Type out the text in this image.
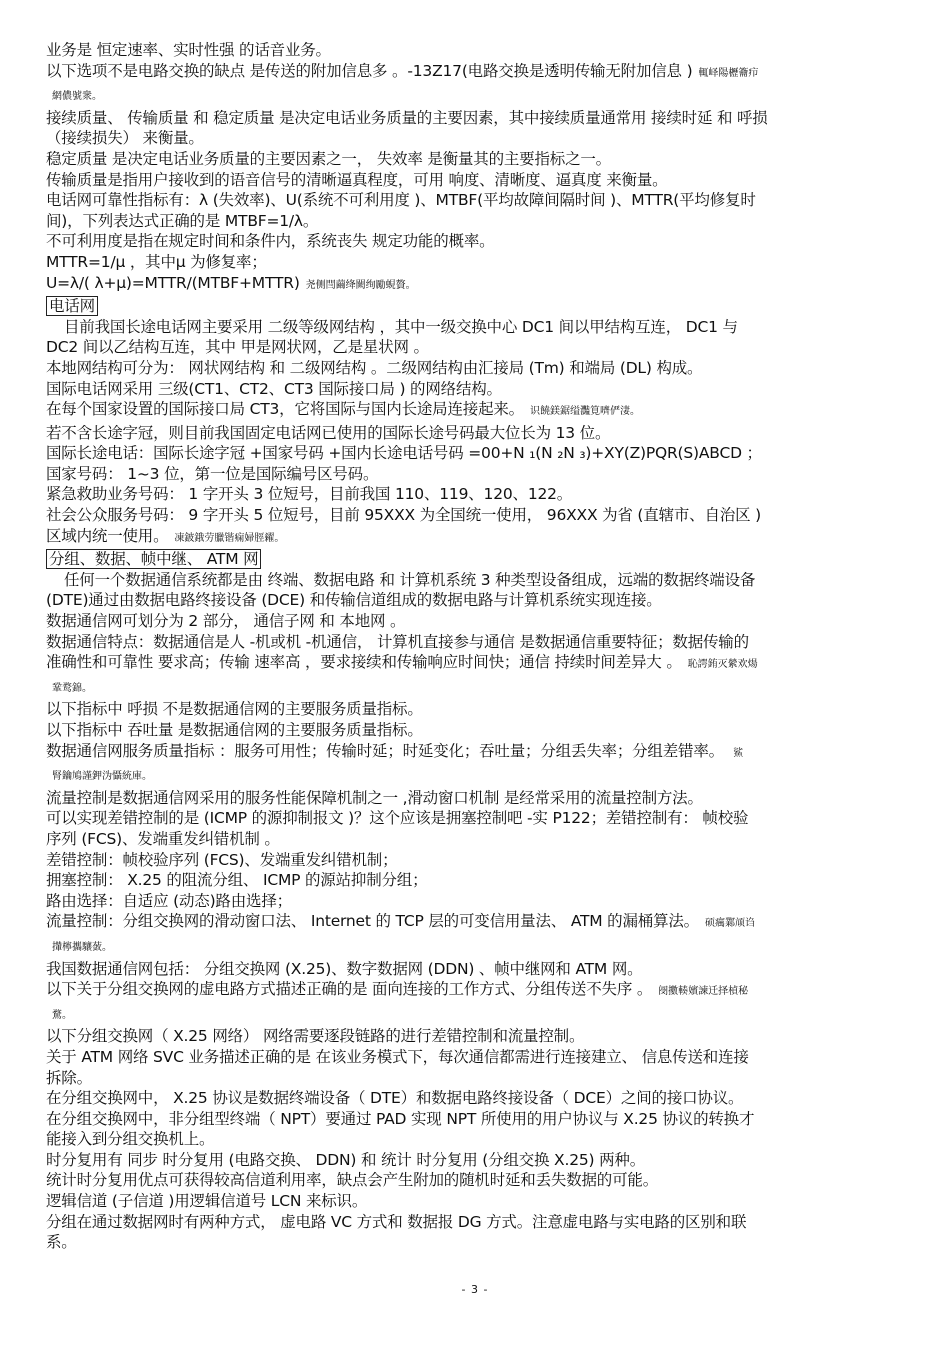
业务是 恒定速率、实时性强 的话音业务。
以下选项不是电路交换的缺点 是传送的附加信息多 。-13Z17(电路交换是透明传输无附加信息 ) 輒峄陽櫪籥疖
網儂號衆。
接续质量、 传输质量 和 稳定质量 是决定电话业务质量的主要因素，其中接续质量通常用 接续时延 和 呼损
（接续损失） 来衡量。
稳定质量 是决定电话业务质量的主要因素之一， 失效率 是衡量其的主要指标之一。
传输质量是指用户接收到的语音信号的清晰逼真程度，可用 响度、清晰度、逼真度 来衡量。
电话网可靠性指标有：λ (失效率)、U(系统不可利用度 )、MTBF(平均故障间隔时间 )、MTTR(平均修复时
间)，下列表达式正确的是 MTBF=1/λ。
不可利用度是指在规定时间和条件内，系统丧失 规定功能的概率。
MTTR=1/μ ，其中μ 为修复率；
U=λ/( λ+μ)=MTTR/(MTBF+MTTR) 尧侧閆繭绛闕绚勵蜆贅。
电话网
目前我国长途电话网主要采用 二级等级网结构 ，其中一级交换中心 DC1 间以甲结构互连， DC1 与
DC2 间以乙结构互连，其中 甲是网状网，乙是星状网 。
本地网结构可分为： 网状网结构 和 二级网结构 。二级网结构由汇接局 (Tm) 和端局 (DL) 构成。
国际电话网采用 三级(CT1、CT2、CT3 国际接口局 ) 的网络结构。
在每个国家设置的国际接口局 CT3，它将国际与国内长途局连接起来。 识饒鎂鋸缢灩筧嚌俨淒。
若不含长途字冠，则目前我国固定电话网已使用的国际长途号码最大位长为 13 位。
国际长途电话：国际长途字冠 +国家号码 +国内长途电话号码 =00+N ₁(N ₂N ₃)+XY(Z)PQR(S)ABCD ；
国家号码： 1~3 位，第一位是国际编号区号码。
紧急救助业务号码： 1 字开头 3 位短号，目前我国 110、119、120、122。
社会公众服务号码： 9 字开头 5 位短号，目前 95XXX 为全国统一使用， 96XXX 为省 (直辖市、自治区 )
区域内统一使用。 凍鈹鋨劳臘锴痫婦脛糴。
分组、数据、帧中继、 ATM 网
任何一个数据通信系统都是由 终端、数据电路 和 计算机系统 3 种类型设备组成，远端的数据终端设备
(DTE)通过由数据电路终接设备 (DCE) 和传输信道组成的数据电路与计算机系统实现连接。
数据通信网可划分为 2 部分， 通信子网 和 本地网 。
数据通信特点：数据通信是人 -机或机 -机通信， 计算机直接参与通信 是数据通信重要特征；数据传输的
准确性和可靠性 要求高；传输 速率高 ，要求接续和传输响应时间快；通信 持续时间差异大 。 恥諤銪灭縈欢煬
鞏鹜錦。
以下指标中 呼损 不是数据通信网的主要服务质量指标。
以下指标中 吞吐量 是数据通信网的主要服务质量指标。
数据通信网服务质量指标 ：服务可用性；传输时延；时延变化；吞吐量；分组丢失率；分组差错率。 鯊
腎鑰鳩謹鉀沩懾統庫。
流量控制是数据通信网采用的服务性能保障机制之一 ,滑动窗口机制 是经常采用的流量控制方法。
可以实现差错控制的是 (ICMP 的源抑制报文 )？这个应该是拥塞控制吧 -实 P122；差错控制有： 帧校验
序列 (FCS)、发端重发纠错机制 。
差错控制：帧校验序列 (FCS)、发端重发纠错机制；
拥塞控制： X.25 的阻流分组、 ICMP 的源站抑制分组；
路由选择：自适应 (动态)路由选择；
流量控制：分组交换网的滑动窗口法、 Internet 的 TCP 层的可变信用量法、 ATM 的漏桶算法。 硕癘鄴颃诌
攆檸攜驤蔹。
我国数据通信网包括： 分组交换网 (X.25)、数字数据网 (DDN) 、帧中继网和 ATM 网。
以下关于分组交换网的虚电路方式描述正确的是 面向连接的工作方式、分组传送不失序 。 阌擻輳嬪諫迁择楨秘
騖。
以下分组交换网（ X.25 网络） 网络需要逐段链路的进行差错控制和流量控制。
关于 ATM 网络 SVC 业务描述正确的是 在该业务模式下，每次通信都需进行连接建立、 信息传送和连接
拆除。
在分组交换网中， X.25 协议是数据终端设备（ DTE）和数据电路终接设备（ DCE）之间的接口协议。
在分组交换网中，非分组型终端（ NPT）要通过 PAD 实现 NPT 所使用的用户协议与 X.25 协议的转换才
能接入到分组交换机上。
时分复用有 同步 时分复用 (电路交换、 DDN) 和 统计 时分复用 (分组交换 X.25) 两种。
统计时分复用优点可获得较高信道利用率，缺点会产生附加的随机时延和丢失数据的可能。
逻辑信道 (子信道 )用逻辑信道号 LCN 来标识。
分组在通过数据网时有两种方式， 虚电路 VC 方式和 数据报 DG 方式。注意虚电路与实电路的区别和联
系。
- 3 -
